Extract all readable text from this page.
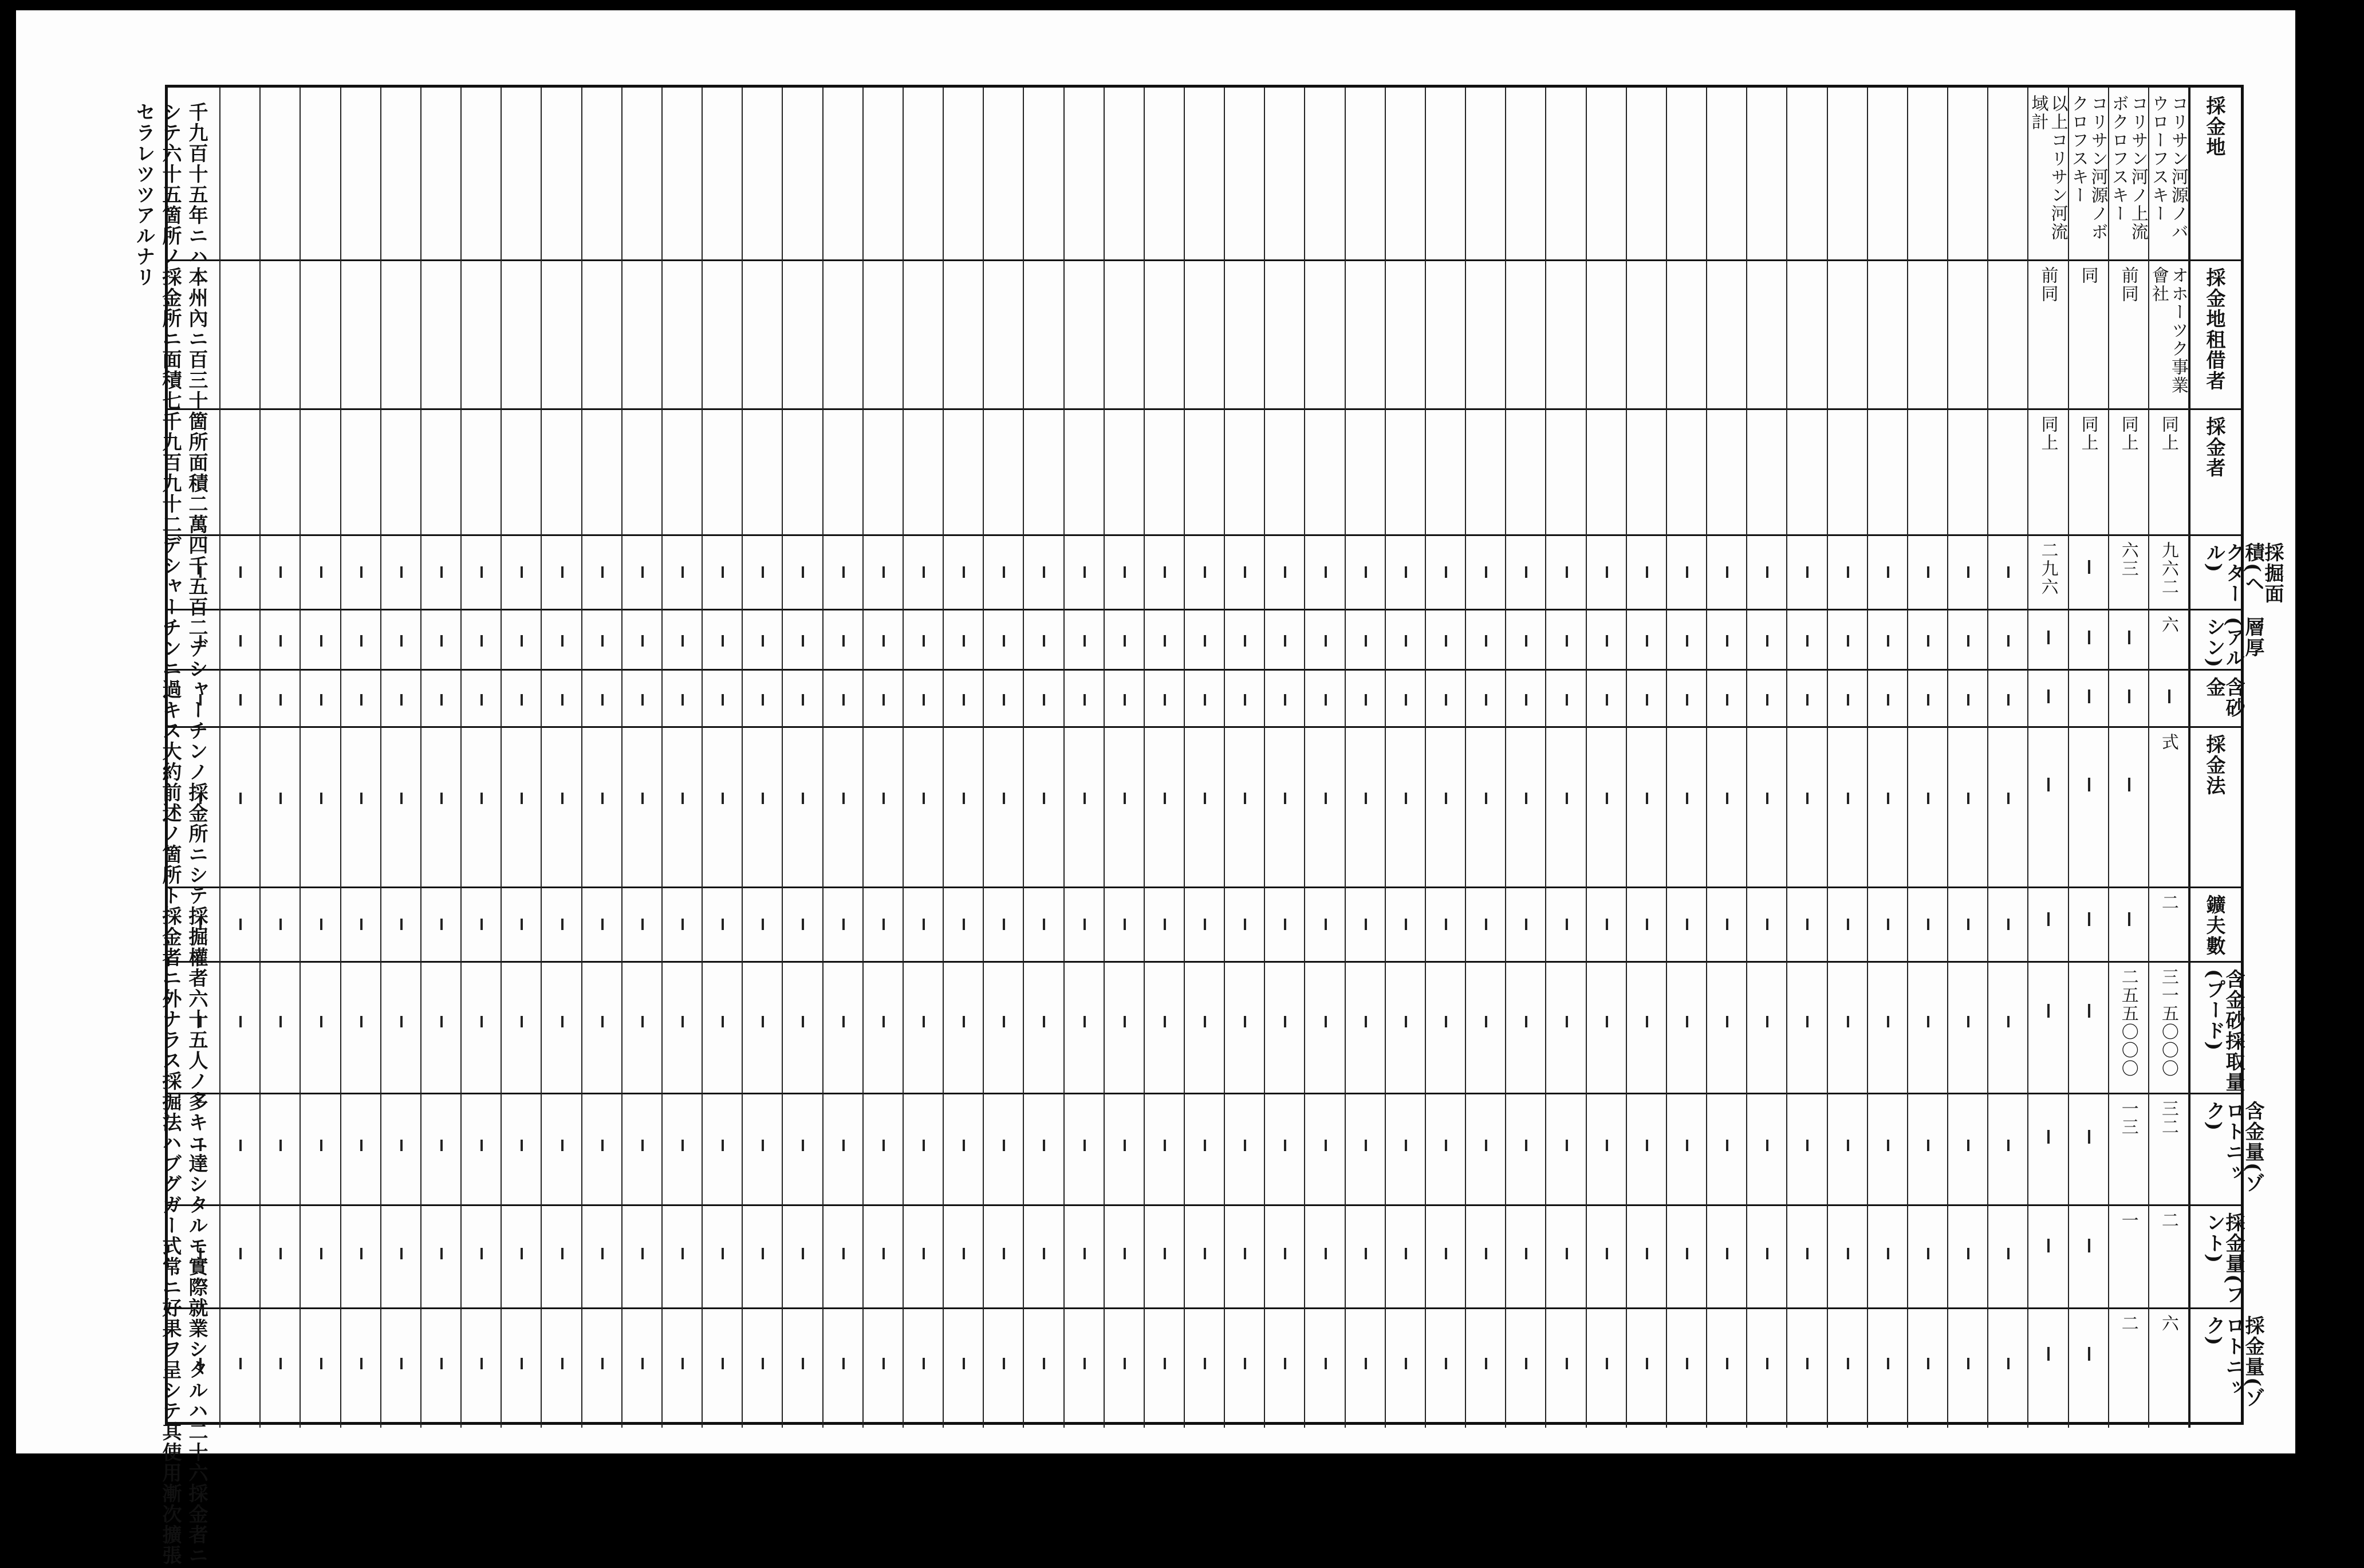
採金地
採金地租借者
採金者
採掘面積(ヘクタール)
層厚(アルシン)
含砂金
採金法
鑛夫數
含金砂採取量(プード)
含金量(ゾロトニック)
採金量(フント)
採金量(ゾロトニック)
コリサン河源ノバウローフスキー
オホーツク事業會社
同上
九六二
六
式
二
三一五〇〇〇
三二
二
六
コリサン河ノ上流ボクロフスキー
前同
同上
六三
二五五〇〇〇
一三
一
二
コリサン河源ノボクロフスキー
同
同上
以上コリサン河流域計
前同
同上
二九六
千九百十五年ニハ本州內ニ百三十箇所面積二萬四千五百二デシャーチンノ採金所ニシテ採掘權者六十五人ノ多キニ達シタルモ實際就業シタルハ二十六採金者ニシテ六十五箇所ノ採金所ニ面積七千九百九十二デシャーチンニ過キス大約前述ノ箇所ト採金者ニ外ナラス採掘法ハブグガー式常ニ好果ヲ呈シテ其使用漸次擴張セラレツツアルナリ
